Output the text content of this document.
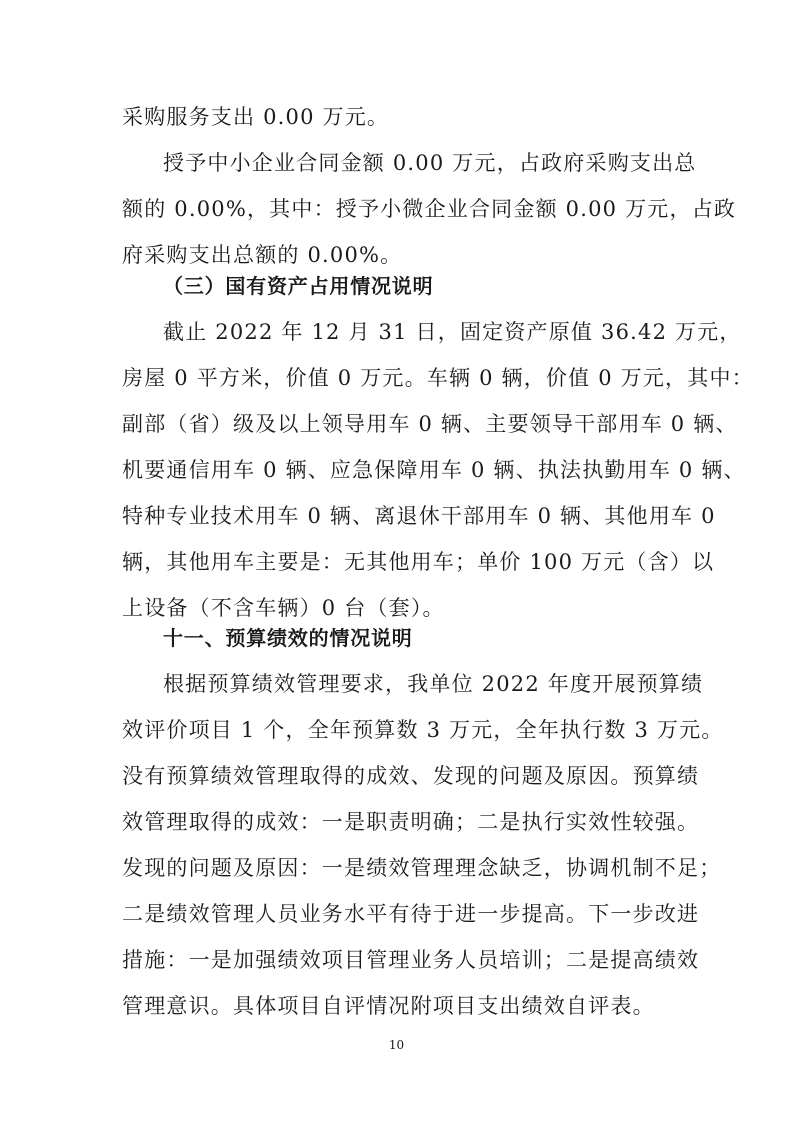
采购服务支出 0.00 万元。
授予中小企业合同金额 0.00 万元，占政府采购支出总
额的 0.00%，其中：授予小微企业合同金额 0.00 万元，占政
府采购支出总额的 0.00%。
（三）国有资产占用情况说明
截止 2022 年 12 月 31 日，固定资产原值 36.42 万元，
房屋 0 平方米，价值 0 万元。车辆 0 辆，价值 0 万元，其中：
副部（省）级及以上领导用车 0 辆、主要领导干部用车 0 辆、
机要通信用车 0 辆、应急保障用车 0 辆、执法执勤用车 0 辆、
特种专业技术用车 0 辆、离退休干部用车 0 辆、其他用车 0
辆，其他用车主要是：无其他用车；单价 100 万元（含）以
上设备（不含车辆）0 台（套）。
十一、预算绩效的情况说明
根据预算绩效管理要求，我单位 2022 年度开展预算绩
效评价项目 1 个，全年预算数 3 万元，全年执行数 3 万元。
没有预算绩效管理取得的成效、发现的问题及原因。预算绩
效管理取得的成效：一是职责明确；二是执行实效性较强。
发现的问题及原因：一是绩效管理理念缺乏，协调机制不足；
二是绩效管理人员业务水平有待于进一步提高。下一步改进
措施：一是加强绩效项目管理业务人员培训；二是提高绩效
管理意识。具体项目自评情况附项目支出绩效自评表。
10
